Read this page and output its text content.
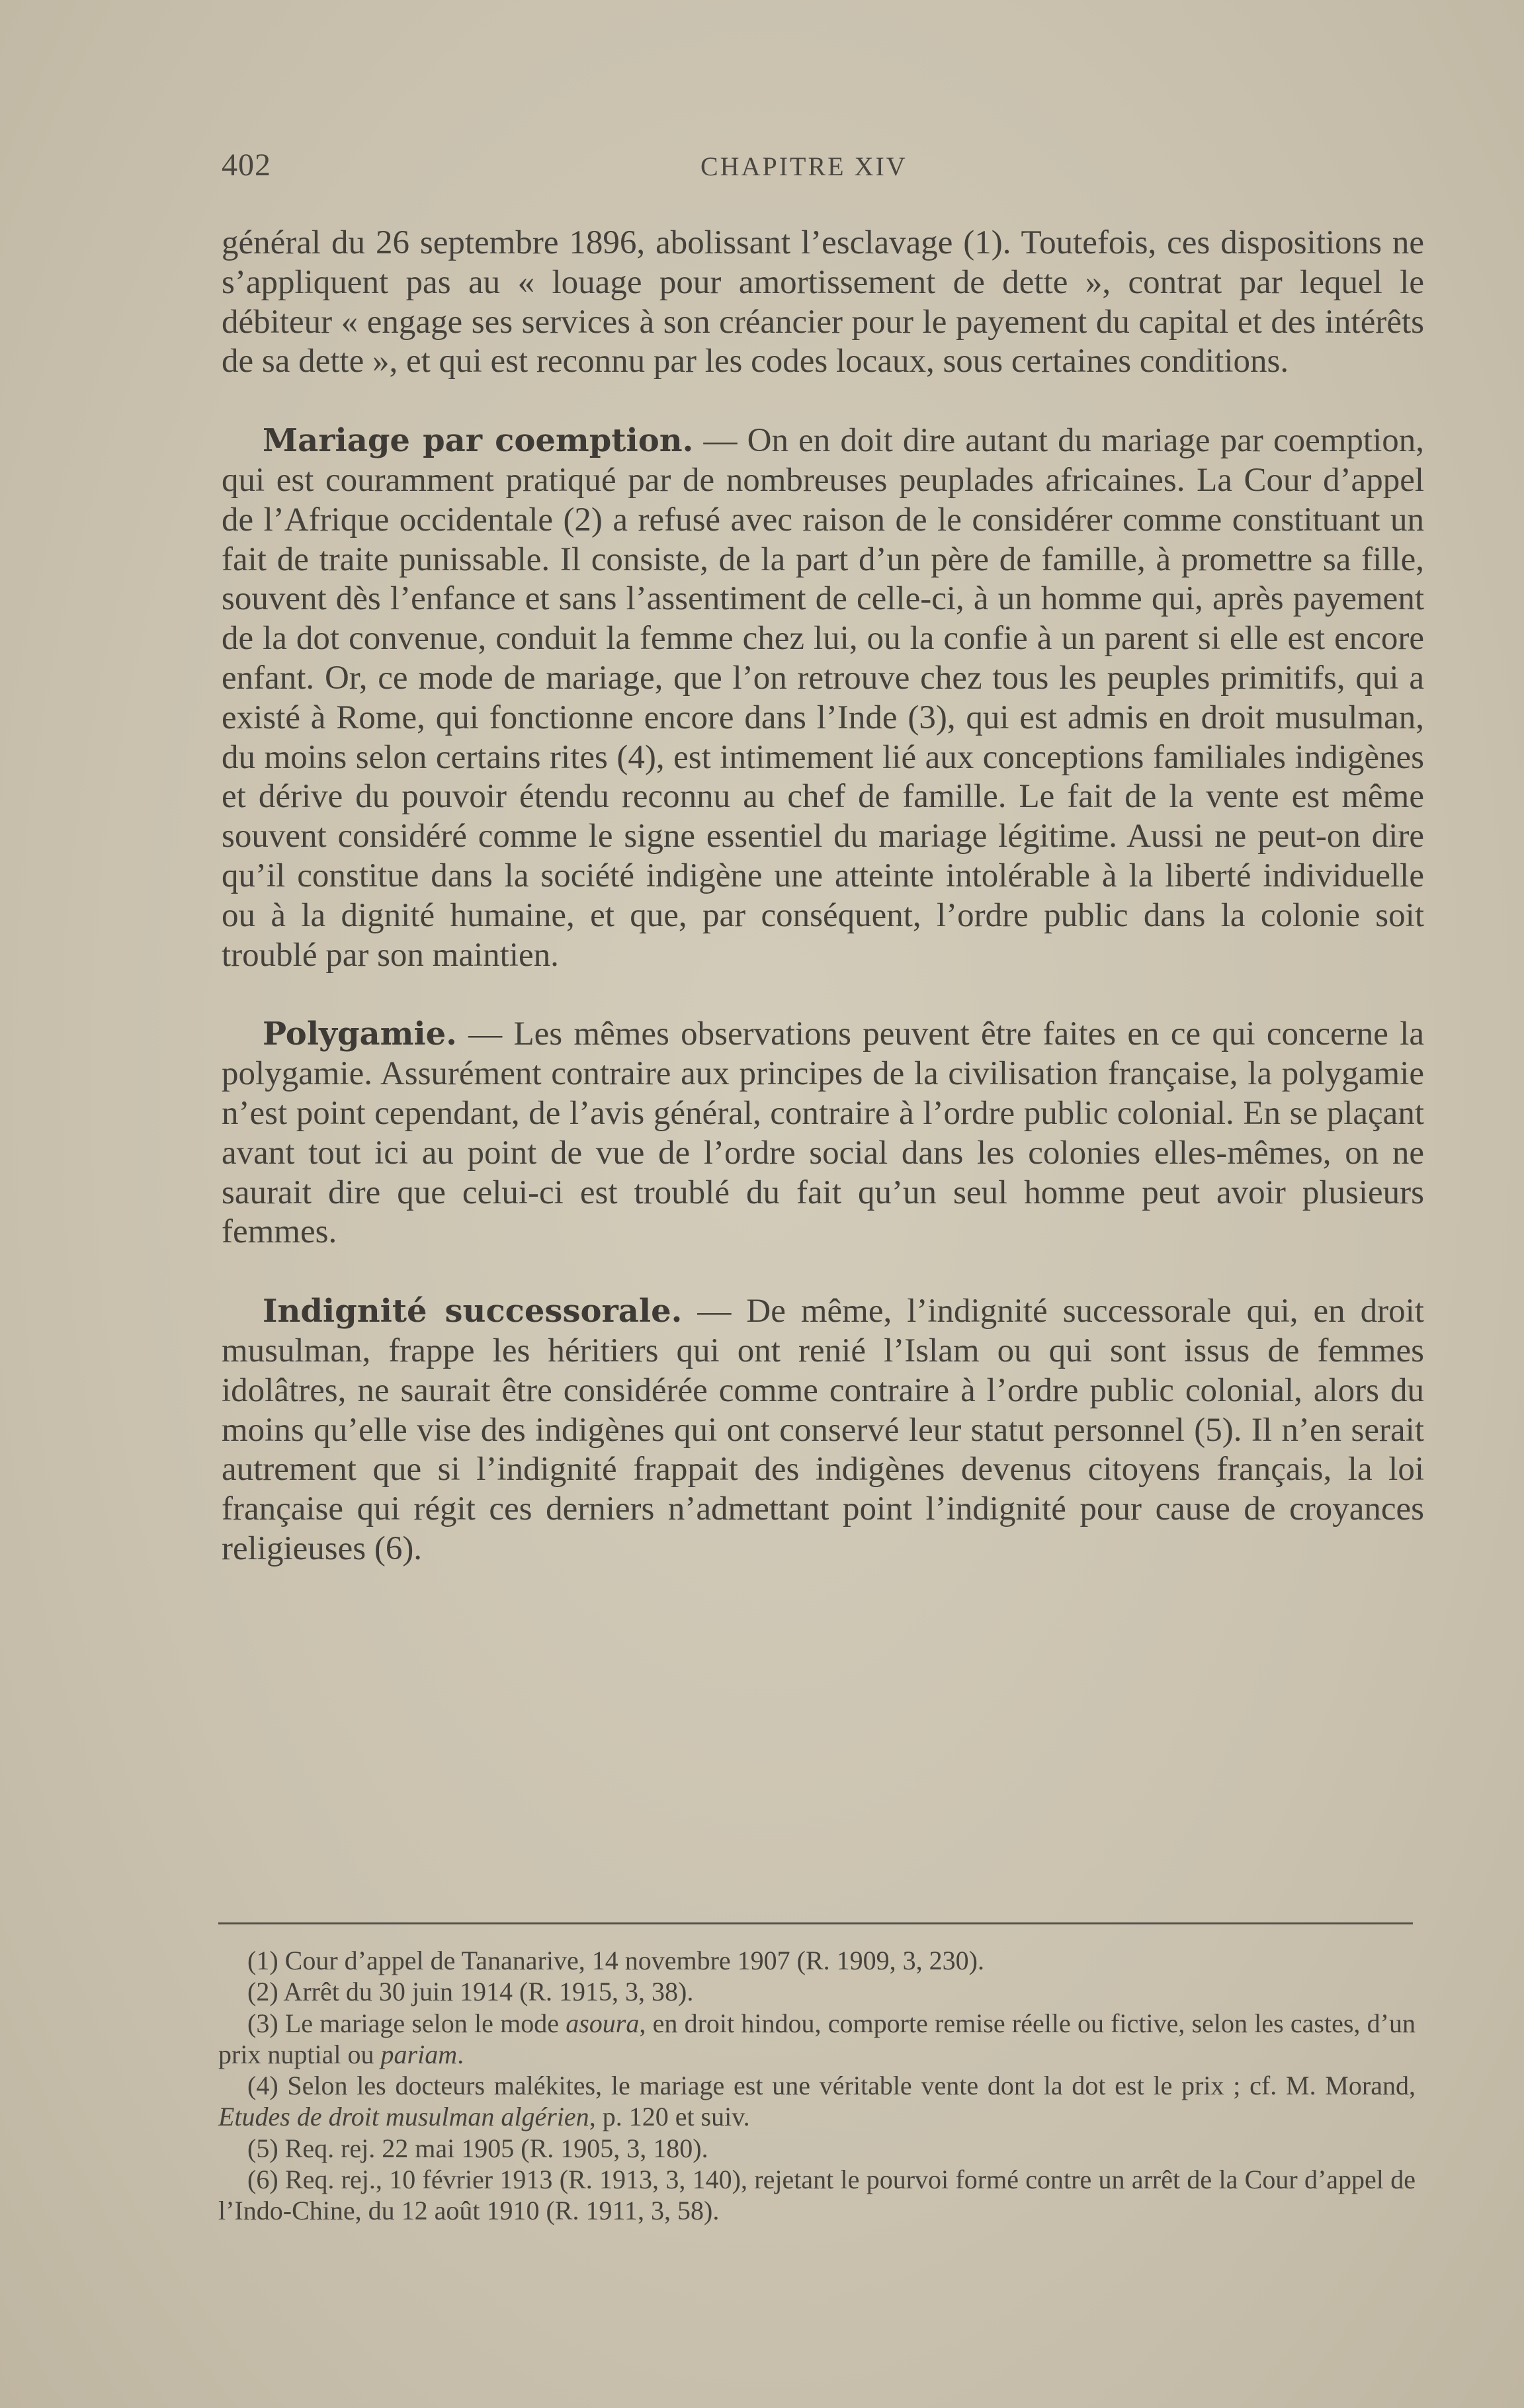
402	CHAPITRE XIV

général du 26 septembre 1896, abolissant l’esclavage (1). Toutefois, ces dispositions ne s’appliquent pas au « louage pour amortissement de dette », contrat par lequel le débiteur « engage ses services à son créancier pour le payement du capital et des intérêts de sa dette », et qui est reconnu par les codes locaux, sous certaines conditions.

Mariage par coemption. — On en doit dire autant du mariage par coemption, qui est couramment pratiqué par de nombreuses peuplades africaines. La Cour d’appel de l’Afrique occidentale (2) a refusé avec raison de le considérer comme constituant un fait de traite punissable. Il consiste, de la part d’un père de famille, à promettre sa fille, souvent dès l’enfance et sans l’assentiment de celle-ci, à un homme qui, après payement de la dot convenue, conduit la femme chez lui, ou la confie à un parent si elle est encore enfant. Or, ce mode de mariage, que l’on retrouve chez tous les peuples primitifs, qui a existé à Rome, qui fonctionne encore dans l’Inde (3), qui est admis en droit musulman, du moins selon certains rites (4), est intimement lié aux conceptions familiales indigènes et dérive du pouvoir étendu reconnu au chef de famille. Le fait de la vente est même souvent considéré comme le signe essentiel du mariage légitime. Aussi ne peut-on dire qu’il constitue dans la société indigène une atteinte intolérable à la liberté individuelle ou à la dignité humaine, et que, par conséquent, l’ordre public dans la colonie soit troublé par son maintien.

Polygamie. — Les mêmes observations peuvent être faites en ce qui concerne la polygamie. Assurément contraire aux principes de la civilisation française, la polygamie n’est point cependant, de l’avis général, contraire à l’ordre public colonial. En se plaçant avant tout ici au point de vue de l’ordre social dans les colonies elles-mêmes, on ne saurait dire que celui-ci est troublé du fait qu’un seul homme peut avoir plusieurs femmes.

Indignité successorale. — De même, l’indignité successorale qui, en droit musulman, frappe les héritiers qui ont renié l’Islam ou qui sont issus de femmes idolâtres, ne saurait être considérée comme contraire à l’ordre public colonial, alors du moins qu’elle vise des indigènes qui ont conservé leur statut personnel (5). Il n’en serait autrement que si l’indignité frappait des indigènes devenus citoyens français, la loi française qui régit ces derniers n’admettant point l’indignité pour cause de croyances religieuses (6).

(1) Cour d’appel de Tananarive, 14 novembre 1907 (R. 1909, 3, 230).

(2) Arrêt du 30 juin 1914 (R. 1915, 3, 38).

(3) Le mariage selon le mode asoura, en droit hindou, comporte remise réelle ou fictive, selon les castes, d’un prix nuptial ou pariam.

(4) Selon les docteurs malékites, le mariage est une véritable vente dont la dot est le prix ; cf. M. Morand, Etudes de droit musulman algérien, p. 120 et suiv.

(5) Req. rej. 22 mai 1905 (R. 1905, 3, 180).

(6) Req. rej., 10 février 1913 (R. 1913, 3, 140), rejetant le pourvoi formé contre un arrêt de la Cour d’appel de l’Indo-Chine, du 12 août 1910 (R. 1911, 3, 58).
